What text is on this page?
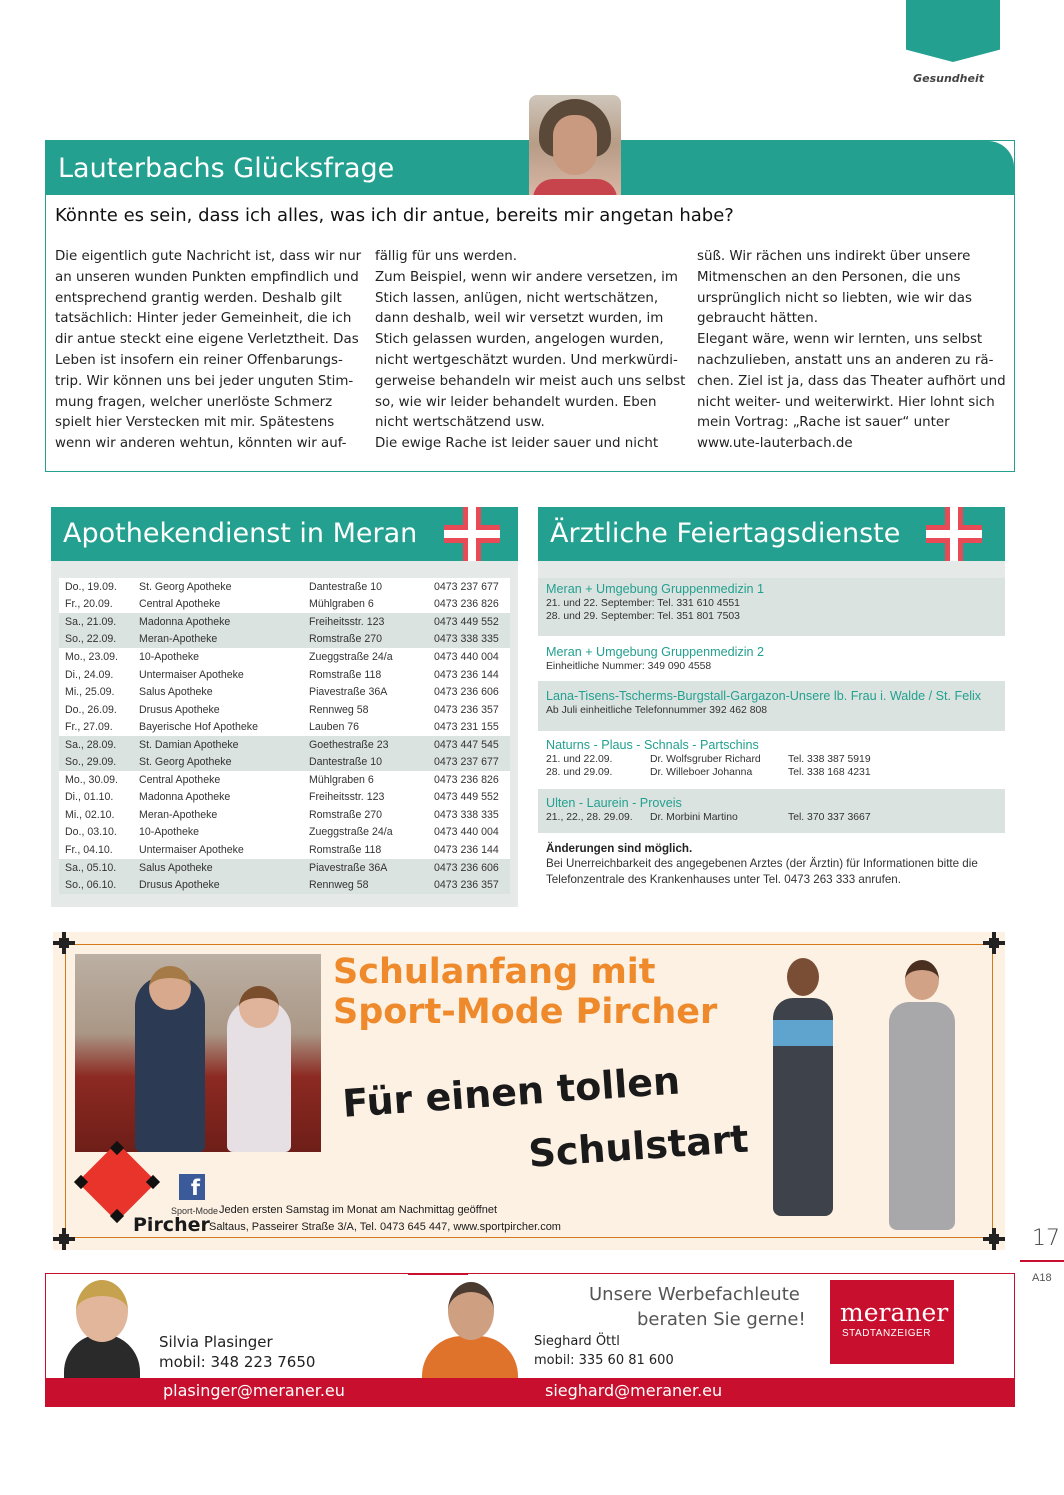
Gesundheit
Lauterbachs Glücksfrage
Könnte es sein, dass ich alles, was ich dir antue, bereits mir angetan habe?
Die eigentlich gute Nachricht ist, dass wir nur
an unseren wunden Punkten empfindlich und
entsprechend grantig werden. Deshalb gilt
tatsächlich: Hinter jeder Gemeinheit, die ich
dir antue steckt eine eigene Verletztheit. Das
Leben ist insofern ein reiner Offenbarungs-
trip. Wir können uns bei jeder unguten Stim-
mung fragen, welcher unerlöste Schmerz
spielt hier Verstecken mit mir. Spätestens
wenn wir anderen wehtun, könnten wir auf-
fällig für uns werden.
Zum Beispiel, wenn wir andere versetzen, im
Stich lassen, anlügen, nicht wertschätzen,
dann deshalb, weil wir versetzt wurden, im
Stich gelassen wurden, angelogen wurden,
nicht wertgeschätzt wurden. Und merkwürdi-
gerweise behandeln wir meist auch uns selbst
so, wie wir leider behandelt wurden. Eben
nicht wertschätzend usw.
Die ewige Rache ist leider sauer und nicht
süß. Wir rächen uns indirekt über unsere
Mitmenschen an den Personen, die uns
ursprünglich nicht so liebten, wie wir das
gebraucht hätten.
Elegant wäre, wenn wir lernten, uns selbst
nachzulieben, anstatt uns an anderen zu rä-
chen. Ziel ist ja, dass das Theater aufhört und
nicht weiter- und weiterwirkt. Hier lohnt sich
mein Vortrag: „Rache ist sauer“ unter
www.ute-lauterbach.de
Apothekendienst in Meran
Do., 19.09.	St. Georg Apotheke	Dantestraße 10	0473 237 677
Fr., 20.09.	Central Apotheke	Mühlgraben 6	0473 236 826
Sa., 21.09.	Madonna Apotheke	Freiheitsstr. 123	0473 449 552
So., 22.09.	Meran-Apotheke	Romstraße 270	0473 338 335
Mo., 23.09.	10-Apotheke	Zueggstraße 24/a	0473 440 004
Di., 24.09.	Untermaiser Apotheke	Romstraße 118	0473 236 144
Mi., 25.09.	Salus Apotheke	Piavestraße 36A	0473 236 606
Do., 26.09.	Drusus Apotheke	Rennweg 58	0473 236 357
Fr., 27.09.	Bayerische Hof Apotheke	Lauben 76	0473 231 155
Sa., 28.09.	St. Damian Apotheke	Goethestraße 23	0473 447 545
So., 29.09.	St. Georg Apotheke	Dantestraße 10	0473 237 677
Mo., 30.09.	Central Apotheke	Mühlgraben 6	0473 236 826
Di., 01.10.	Madonna Apotheke	Freiheitsstr. 123	0473 449 552
Mi., 02.10.	Meran-Apotheke	Romstraße 270	0473 338 335
Do., 03.10.	10-Apotheke	Zueggstraße 24/a	0473 440 004
Fr., 04.10.	Untermaiser Apotheke	Romstraße 118	0473 236 144
Sa., 05.10.	Salus Apotheke	Piavestraße 36A	0473 236 606
So., 06.10.	Drusus Apotheke	Rennweg 58	0473 236 357
Ärztliche Feiertagsdienste
Meran + Umgebung Gruppenmedizin 1
21. und 22. September: Tel. 331 610 4551
28. und 29. September: Tel. 351 801 7503
Meran + Umgebung Gruppenmedizin 2
Einheitliche Nummer: 349 090 4558
Lana-Tisens-Tscherms-Burgstall-Gargazon-Unsere lb. Frau i. Walde / St. Felix
Ab Juli einheitliche Telefonnummer 392 462 808
Naturns - Plaus - Schnals - Partschins
21. und 22.09.	Dr. Wolfsgruber Richard	Tel. 338 387 5919
28. und 29.09.	Dr. Willeboer Johanna	Tel. 338 168 4231
Ulten - Laurein - Proveis
21., 22., 28. 29.09. Dr. Morbini Martino	Tel. 370 337 3667
Änderungen sind möglich.
Bei Unerreichbarkeit des angegebenen Arztes (der Ärztin) für Informationen bitte die Telefonzentrale des Krankenhauses unter Tel. 0473 263 333 anrufen.
Schulanfang mit
Sport-Mode Pircher
Für einen tollen
Schulstart
f
Sport-Mode
Pircher
Jeden ersten Samstag im Monat am Nachmittag geöffnet
Saltaus, Passeirer Straße 3/A, Tel. 0473 645 447, www.sportpircher.com	17
A18
Silvia Plasinger
mobil: 348 223 7650
Sieghard Öttl
mobil: 335 60 81 600
Unsere Werbefachleute
beraten Sie gerne! meraner
STADTANZEIGER
plasinger@meraner.eu	sieghard@meraner.eu
